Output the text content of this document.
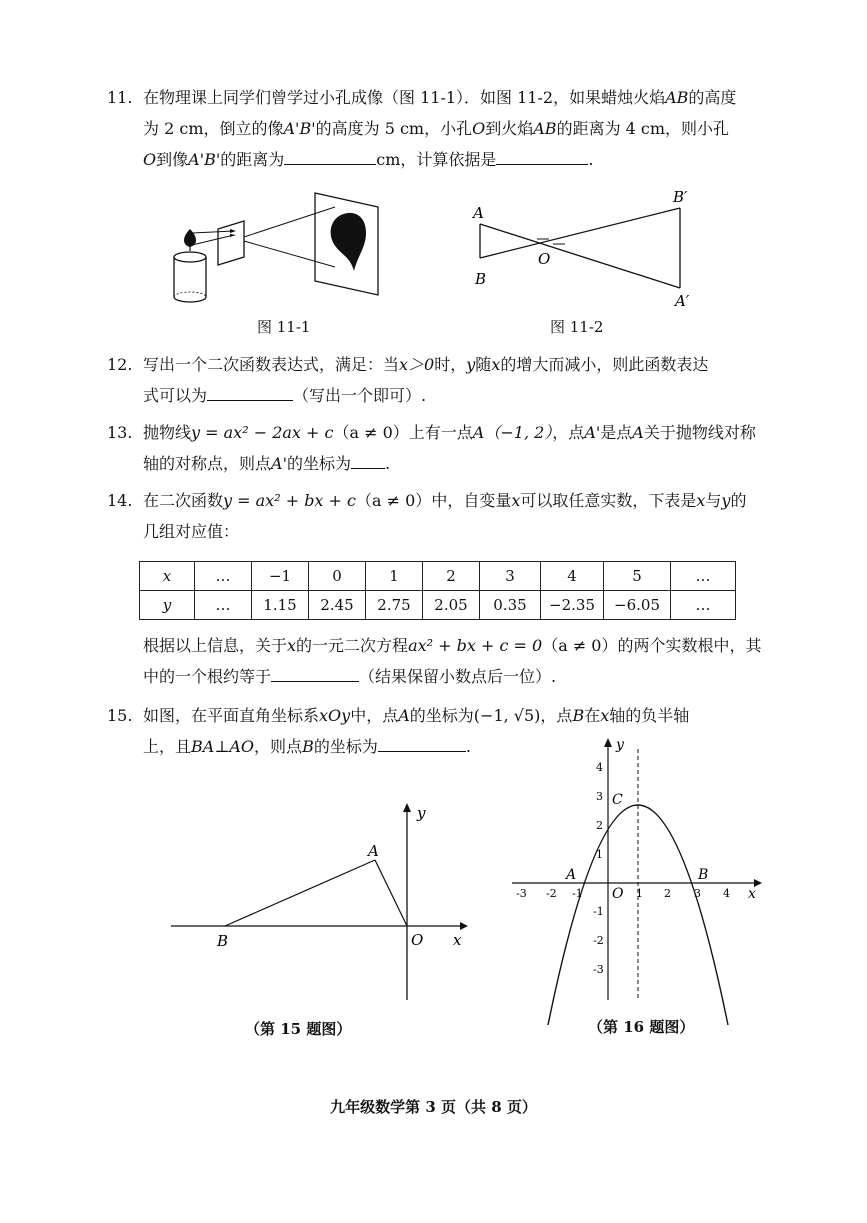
11. 在物理课上同学们曾学过小孔成像（图 11-1）．如图 11-2，如果蜡烛火焰AB的高度
为 2 cm，倒立的像A'B'的高度为 5 cm，小孔O到火焰AB的距离为 4 cm，则小孔
O到像A'B'的距离为	cm，计算依据是	.
图 11-1
A
B
O
B′
A′
图 11-2
12. 写出一个二次函数表达式，满足：当x＞0时，y随x的增大而减小，则此函数表达
式可以为	（写出一个即可）.
13. 抛物线y = ax² − 2ax + c（a ≠ 0）上有一点A（−1, 2），点A'是点A关于抛物线对称
轴的对称点，则点A'的坐标为 .
14. 在二次函数y = ax² + bx + c（a ≠ 0）中，自变量x可以取任意实数，下表是x与y的
几组对应值：
x	…	−1	0	1	2	3	4	5	…
y	…	1.15	2.45	2.75	2.05	0.35	−2.35	−6.05	…
根据以上信息，关于x的一元二次方程ax² + bx + c = 0（a ≠ 0）的两个实数根中，其
中的一个根约等于	（结果保留小数点后一位）.
15. 如图，在平面直角坐标系xOy中，点A的坐标为(−1, √5)，点B在x轴的负半轴
上，且BA⊥AO，则点B的坐标为	.
y
x
O
B
A
（第 15 题图）
-3 -2 -1	1 2 3 4
4
3
2
1
-1
-2
-3
y
x
O
A	B
C
（第 16 题图）
九年级数学第 3 页（共 8 页）
